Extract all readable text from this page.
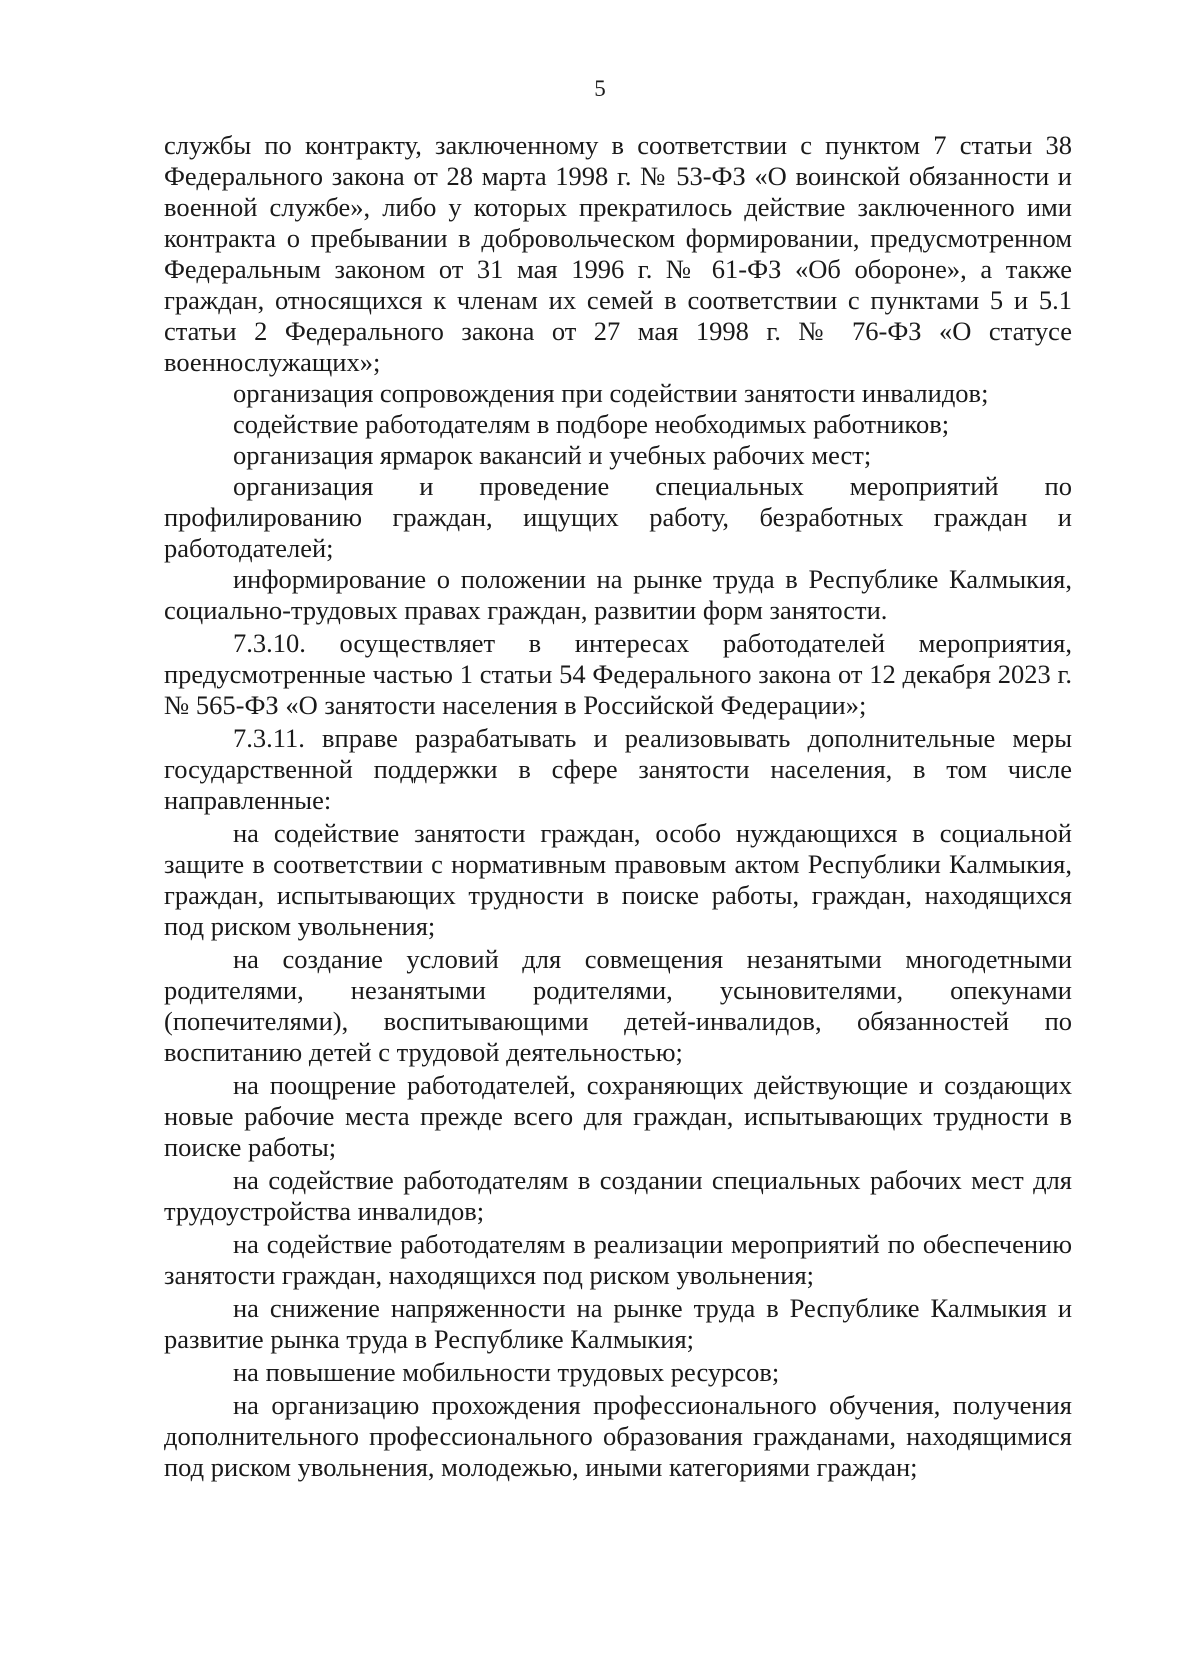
5

службы по контракту, заключенному в соответствии с пунктом 7 статьи 38 Федерального закона от 28 марта 1998 г. № 53-ФЗ «О воинской обязанности и военной службе», либо у которых прекратилось действие заключенного ими контракта о пребывании в добровольческом формировании, предусмотренном Федеральным законом от 31 мая 1996 г. № 61-ФЗ «Об обороне», а также граждан, относящихся к членам их семей в соответствии с пунктами 5 и 5.1 статьи 2 Федерального закона от 27 мая 1998 г. № 76-ФЗ «О статусе военнослужащих»;

организация сопровождения при содействии занятости инвалидов;

содействие работодателям в подборе необходимых работников;

организация ярмарок вакансий и учебных рабочих мест;

организация и проведение специальных мероприятий по профилированию граждан, ищущих работу, безработных граждан и работодателей;

информирование о положении на рынке труда в Республике Калмыкия, социально-трудовых правах граждан, развитии форм занятости.

7.3.10. осуществляет в интересах работодателей мероприятия, предусмотренные частью 1 статьи 54 Федерального закона от 12 декабря 2023 г. № 565-ФЗ «О занятости населения в Российской Федерации»;

7.3.11. вправе разрабатывать и реализовывать дополнительные меры государственной поддержки в сфере занятости населения, в том числе направленные:

на содействие занятости граждан, особо нуждающихся в социальной защите в соответствии с нормативным правовым актом Республики Калмыкия, граждан, испытывающих трудности в поиске работы, граждан, находящихся под риском увольнения;

на создание условий для совмещения незанятыми многодетными родителями, незанятыми родителями, усыновителями, опекунами (попечителями), воспитывающими детей-инвалидов, обязанностей по воспитанию детей с трудовой деятельностью;

на поощрение работодателей, сохраняющих действующие и создающих новые рабочие места прежде всего для граждан, испытывающих трудности в поиске работы;

на содействие работодателям в создании специальных рабочих мест для трудоустройства инвалидов;

на содействие работодателям в реализации мероприятий по обеспечению занятости граждан, находящихся под риском увольнения;

на снижение напряженности на рынке труда в Республике Калмыкия и развитие рынка труда в Республике Калмыкия;

на повышение мобильности трудовых ресурсов;

на организацию прохождения профессионального обучения, получения дополнительного профессионального образования гражданами, находящимися под риском увольнения, молодежью, иными категориями граждан;
